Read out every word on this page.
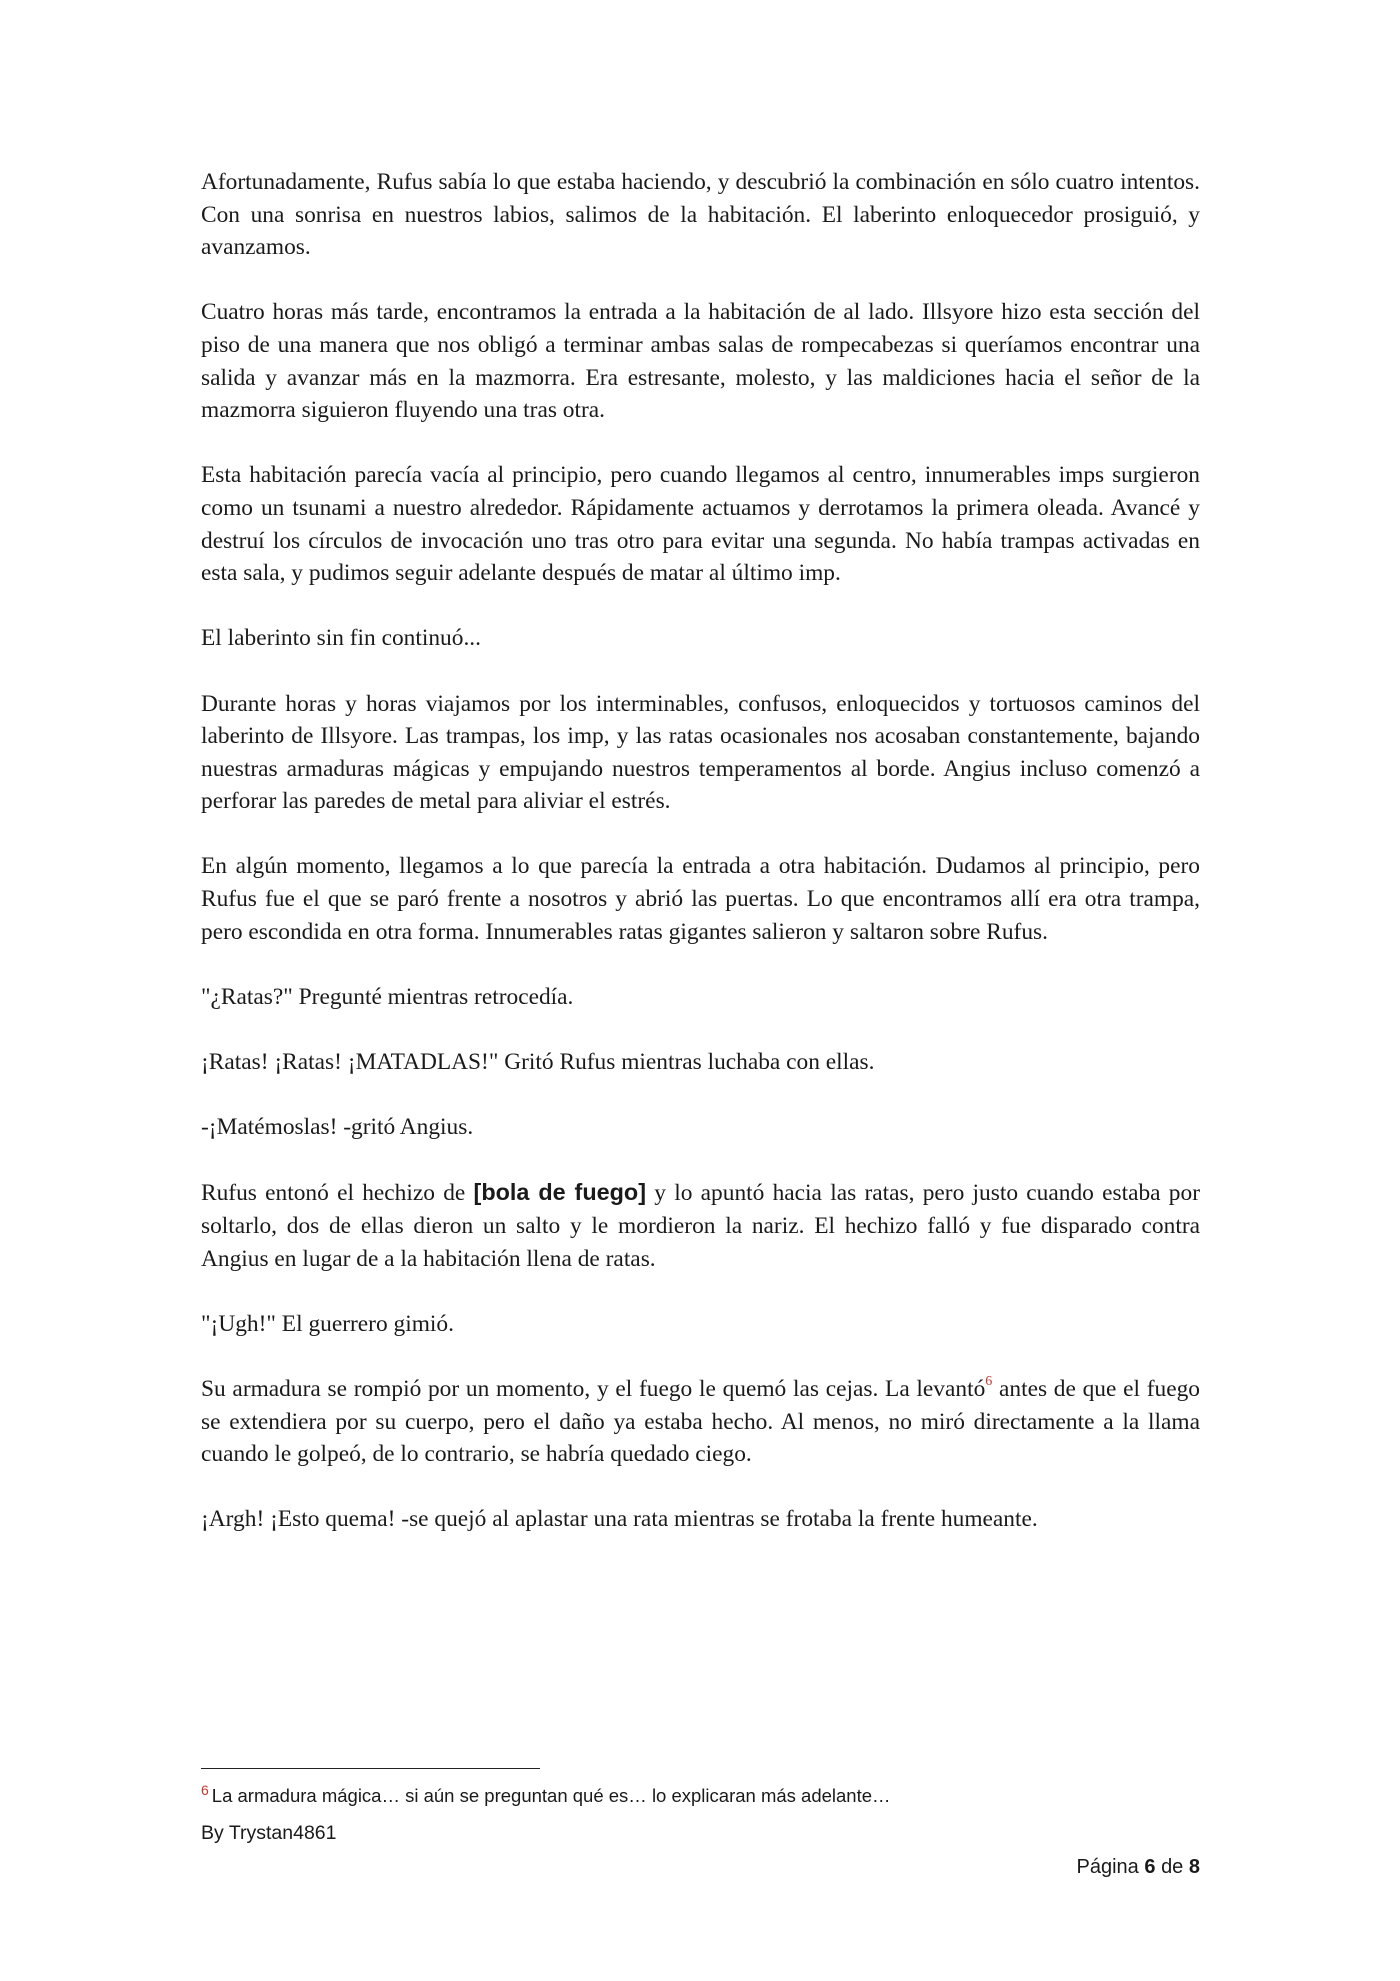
Afortunadamente, Rufus sabía lo que estaba haciendo, y descubrió la combinación en sólo cuatro intentos. Con una sonrisa en nuestros labios, salimos de la habitación. El laberinto enloquecedor prosiguió, y avanzamos.

Cuatro horas más tarde, encontramos la entrada a la habitación de al lado. Illsyore hizo esta sección del piso de una manera que nos obligó a terminar ambas salas de rompecabezas si queríamos encontrar una salida y avanzar más en la mazmorra. Era estresante, molesto, y las maldiciones hacia el señor de la mazmorra siguieron fluyendo una tras otra.

Esta habitación parecía vacía al principio, pero cuando llegamos al centro, innumerables imps surgieron como un tsunami a nuestro alrededor. Rápidamente actuamos y derrotamos la primera oleada. Avancé y destruí los círculos de invocación uno tras otro para evitar una segunda. No había trampas activadas en esta sala, y pudimos seguir adelante después de matar al último imp.

El laberinto sin fin continuó...

Durante horas y horas viajamos por los interminables, confusos, enloquecidos y tortuosos caminos del laberinto de Illsyore. Las trampas, los imp, y las ratas ocasionales nos acosaban constantemente, bajando nuestras armaduras mágicas y empujando nuestros temperamentos al borde. Angius incluso comenzó a perforar las paredes de metal para aliviar el estrés.

En algún momento, llegamos a lo que parecía la entrada a otra habitación. Dudamos al principio, pero Rufus fue el que se paró frente a nosotros y abrió las puertas. Lo que encontramos allí era otra trampa, pero escondida en otra forma. Innumerables ratas gigantes salieron y saltaron sobre Rufus.

"¿Ratas?" Pregunté mientras retrocedía.

¡Ratas! ¡Ratas! ¡MATADLAS!" Gritó Rufus mientras luchaba con ellas.

-¡Matémoslas! -gritó Angius.

Rufus entonó el hechizo de [bola de fuego] y lo apuntó hacia las ratas, pero justo cuando estaba por soltarlo, dos de ellas dieron un salto y le mordieron la nariz. El hechizo falló y fue disparado contra Angius en lugar de a la habitación llena de ratas.

"¡Ugh!" El guerrero gimió.

Su armadura se rompió por un momento, y el fuego le quemó las cejas. La levantó$^6$ antes de que el fuego se extendiera por su cuerpo, pero el daño ya estaba hecho. Al menos, no miró directamente a la llama cuando le golpeó, de lo contrario, se habría quedado ciego.

¡Argh! ¡Esto quema! -se quejó al aplastar una rata mientras se frotaba la frente humeante.

$^6$ La armadura mágica… si aún se preguntan qué es… lo explicaran más adelante…
By Trystan4861
Página 6 de 8
